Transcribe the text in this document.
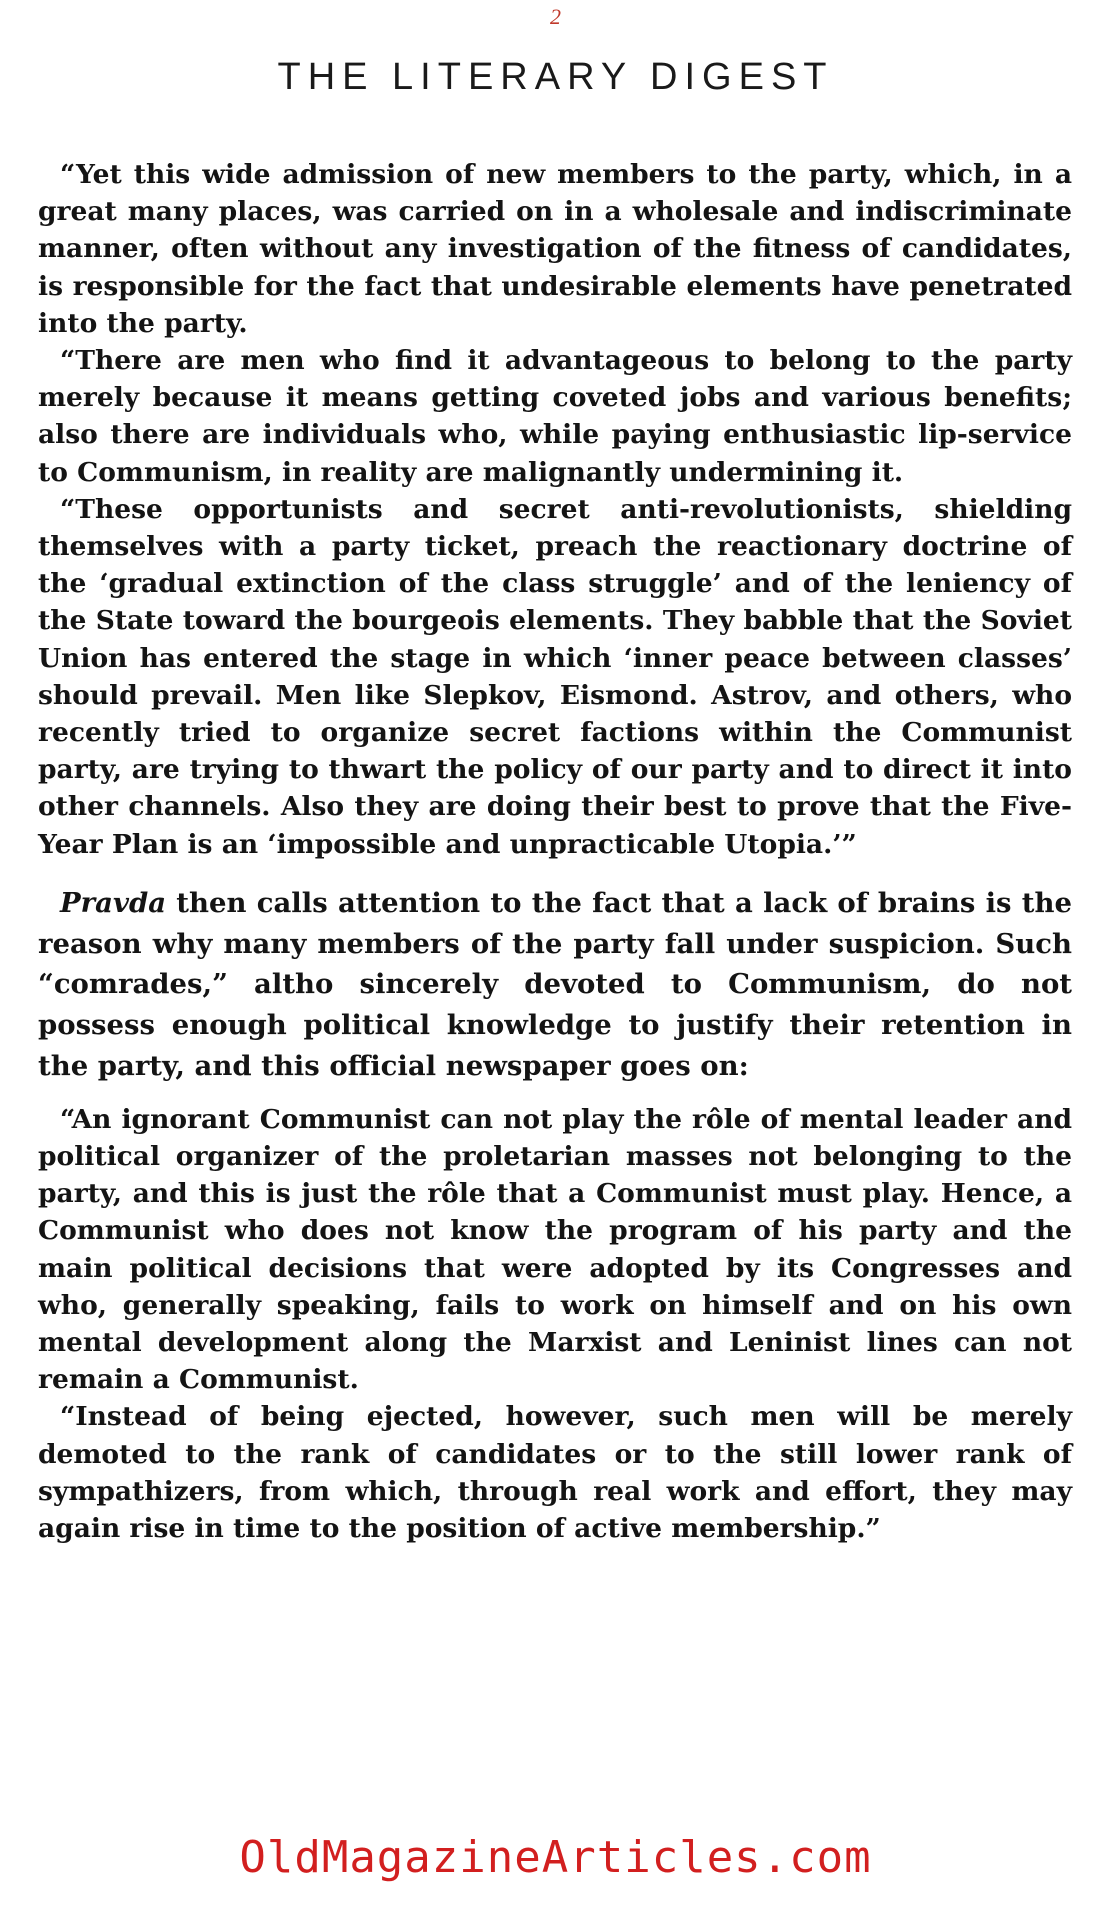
2
THE LITERARY DIGEST

“Yet this wide admission of new members to the party, which, in a great many places, was carried on in a wholesale and indiscriminate manner, often without any investigation of the fitness of candidates, is responsible for the fact that undesirable elements have penetrated into the party.

“There are men who find it advantageous to belong to the party merely because it means getting coveted jobs and various benefits; also there are individuals who, while paying enthusiastic lip-service to Communism, in reality are malignantly undermining it.

“These opportunists and secret anti-revolutionists, shielding themselves with a party ticket, preach the reactionary doctrine of the ‘gradual extinction of the class struggle’ and of the leniency of the State toward the bourgeois elements. They babble that the Soviet Union has entered the stage in which ‘inner peace between classes’ should prevail. Men like Slepkov, Eismond. Astrov, and others, who recently tried to organize secret factions within the Communist party, are trying to thwart the policy of our party and to direct it into other channels. Also they are doing their best to prove that the Five-Year Plan is an ‘impossible and unpracticable Utopia.’”

Pravda then calls attention to the fact that a lack of brains is the reason why many members of the party fall under suspicion. Such “comrades,” altho sincerely devoted to Communism, do not possess enough political knowledge to justify their retention in the party, and this official newspaper goes on:

“An ignorant Communist can not play the rôle of mental leader and political organizer of the proletarian masses not belonging to the party, and this is just the rôle that a Communist must play. Hence, a Communist who does not know the program of his party and the main political decisions that were adopted by its Congresses and who, generally speaking, fails to work on himself and on his own mental development along the Marxist and Leninist lines can not remain a Communist.

“Instead of being ejected, however, such men will be merely demoted to the rank of candidates or to the still lower rank of sympathizers, from which, through real work and effort, they may again rise in time to the position of active membership.”

OldMagazineArticles.com
